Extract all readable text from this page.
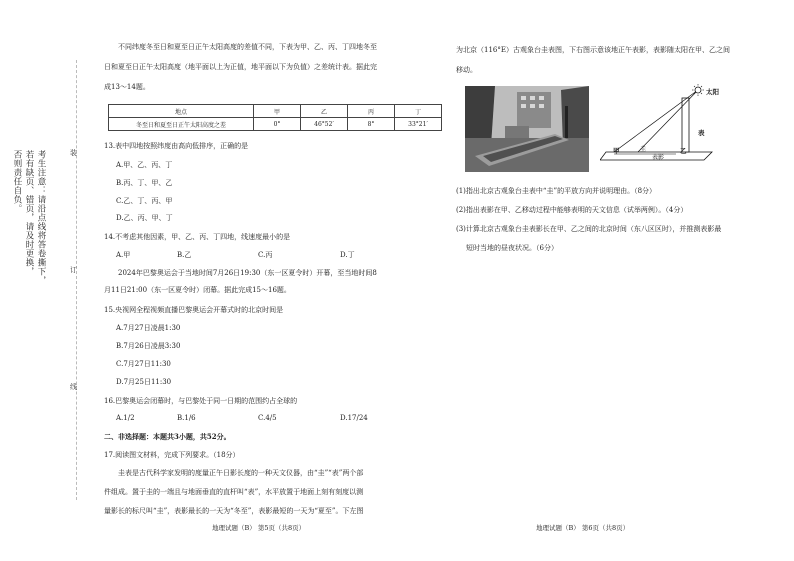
考生注意：请沿点线将答卷撕下，
若有缺页、错页，请及时更换，
否则责任自负。	装
订
线
不同纬度冬至日和夏至日正午太阳高度的差值不同，下表为甲、乙、丙、丁四地冬至
日和夏至日正午太阳高度（地平面以上为正值，地平面以下为负值）之差统计表。据此完
成13～14题。
地点	甲	乙	丙	丁
冬至日和夏至日正午太阳高度之差	0°	46°52′	8°	33°21′
13.表中四地按照纬度由高向低排序，正确的是
A.甲、乙、丙、丁
B.丙、丁、甲、乙
C.乙、丁、丙、甲
D.乙、丙、甲、丁
14.不考虑其他因素，甲、乙、丙、丁四地，线速度最小的是
A.甲	B.乙	C.丙	D.丁
2024年巴黎奥运会于当地时间7月26日19:30（东一区夏令时）开幕，至当地时间8
月11日21:00（东一区夏令时）闭幕。据此完成15～16题。
15.央视网全程视频直播巴黎奥运会开幕式时的北京时间是
A.7月27日凌晨1:30
B.7月26日凌晨3:30
C.7月27日11:30
D.7月25日11:30
16.巴黎奥运会闭幕时，与巴黎处于同一日期的范围约占全球的
A.1/2	B.1/6	C.4/5	D.17/24
二、非选择题：本题共3小题，共52分。
17.阅读图文材料，完成下列要求。（18分）
圭表是古代科学家发明的度量正午日影长度的一种天文仪器，由“圭”“表”两个部
件组成。置于圭的一端且与地面垂直的直杆叫“表”，水平放置于地面上刻有刻度以测
量影长的标尺叫“圭”，表影最长的一天为“冬至”，表影最短的一天为“夏至”。下左图
地理试题（B） 第5页（共8页）
为北京（116°E）古观象台圭表图，下右图示意该地正午表影，表影随太阳在甲、乙之间
移动。
太阳
表
甲	圭
表影
乙
(1)指出北京古观象台圭表中“圭”的平放方向并说明理由。（8分）
(2)指出表影在甲、乙移动过程中能够表明的天文信息（试举两例）。（4分）
(3)计算北京古观象台圭表影长在甲、乙之间的北京时间（东八区区时），并推测表影最
短时当地的昼夜状况。（6分）
地理试题（B） 第6页（共8页）
